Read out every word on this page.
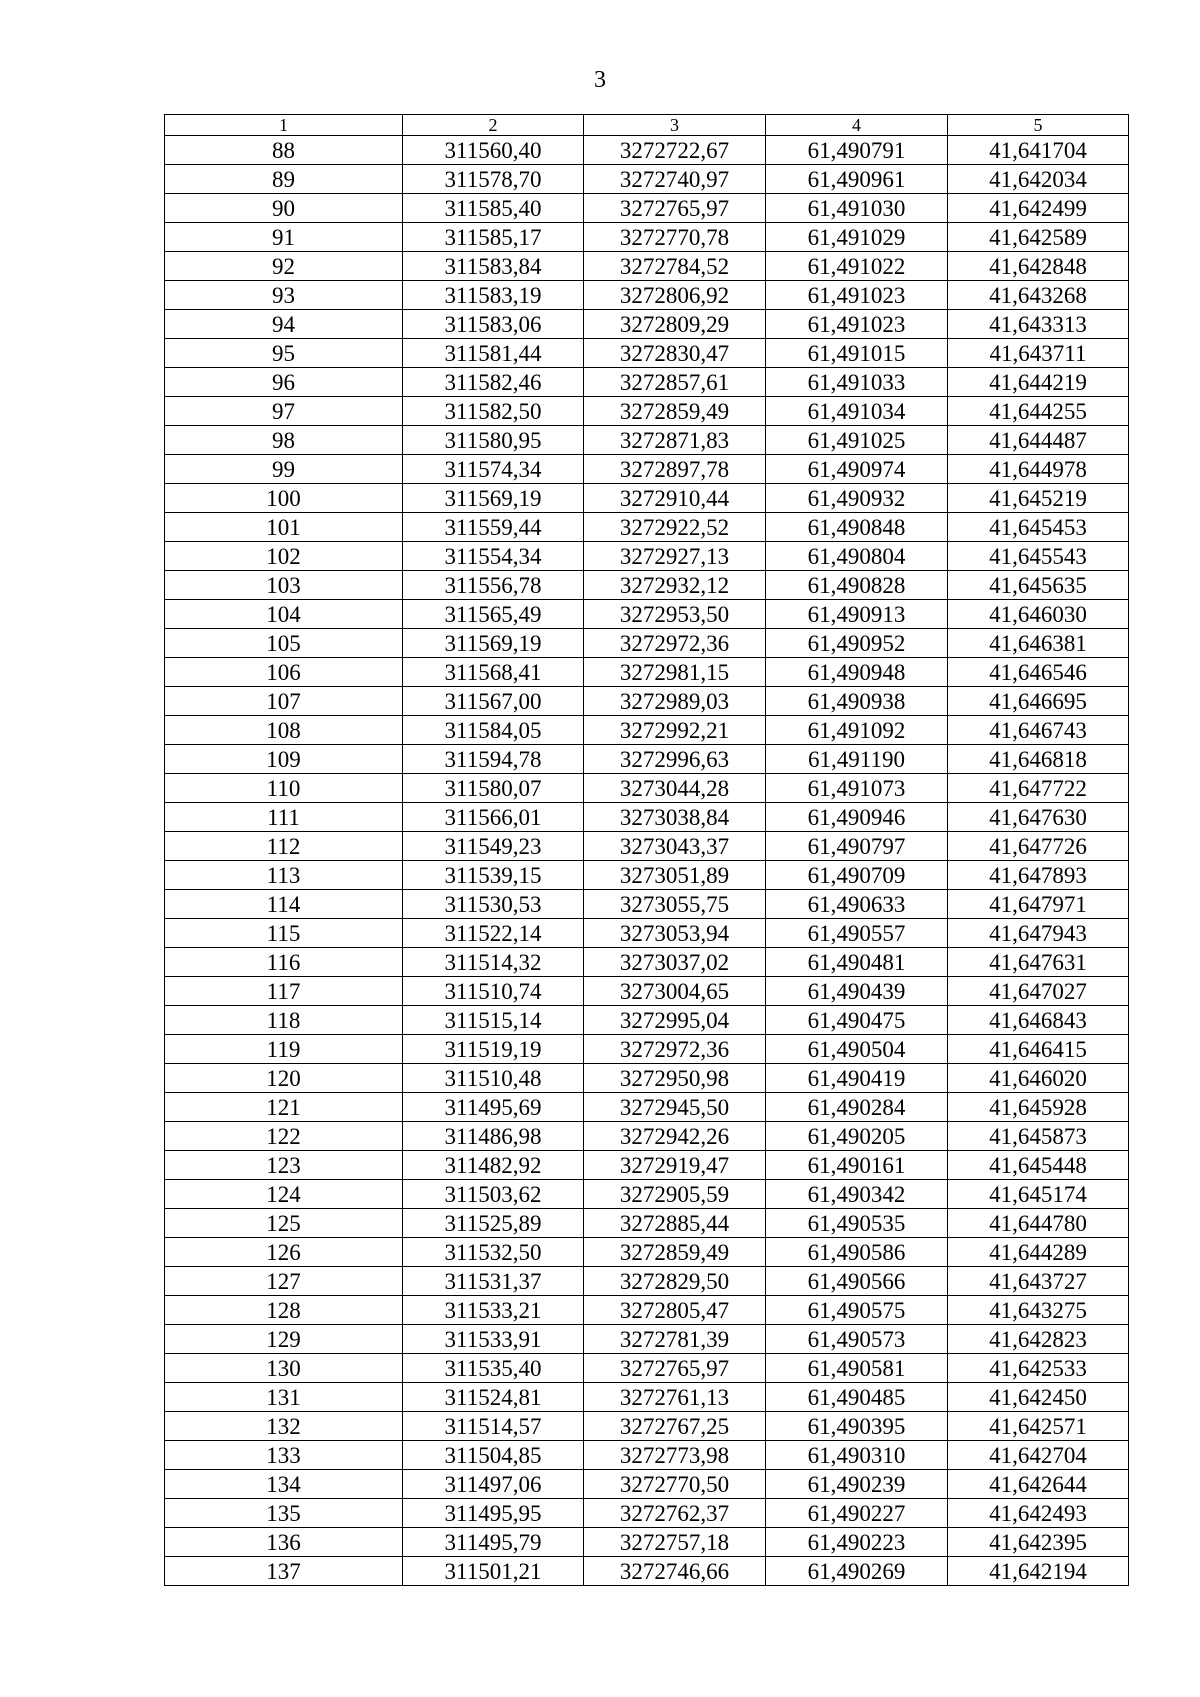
3
1	2	3	4	5
88	311560,40	3272722,67	61,490791	41,641704
89	311578,70	3272740,97	61,490961	41,642034
90	311585,40	3272765,97	61,491030	41,642499
91	311585,17	3272770,78	61,491029	41,642589
92	311583,84	3272784,52	61,491022	41,642848
93	311583,19	3272806,92	61,491023	41,643268
94	311583,06	3272809,29	61,491023	41,643313
95	311581,44	3272830,47	61,491015	41,643711
96	311582,46	3272857,61	61,491033	41,644219
97	311582,50	3272859,49	61,491034	41,644255
98	311580,95	3272871,83	61,491025	41,644487
99	311574,34	3272897,78	61,490974	41,644978
100	311569,19	3272910,44	61,490932	41,645219
101	311559,44	3272922,52	61,490848	41,645453
102	311554,34	3272927,13	61,490804	41,645543
103	311556,78	3272932,12	61,490828	41,645635
104	311565,49	3272953,50	61,490913	41,646030
105	311569,19	3272972,36	61,490952	41,646381
106	311568,41	3272981,15	61,490948	41,646546
107	311567,00	3272989,03	61,490938	41,646695
108	311584,05	3272992,21	61,491092	41,646743
109	311594,78	3272996,63	61,491190	41,646818
110	311580,07	3273044,28	61,491073	41,647722
111	311566,01	3273038,84	61,490946	41,647630
112	311549,23	3273043,37	61,490797	41,647726
113	311539,15	3273051,89	61,490709	41,647893
114	311530,53	3273055,75	61,490633	41,647971
115	311522,14	3273053,94	61,490557	41,647943
116	311514,32	3273037,02	61,490481	41,647631
117	311510,74	3273004,65	61,490439	41,647027
118	311515,14	3272995,04	61,490475	41,646843
119	311519,19	3272972,36	61,490504	41,646415
120	311510,48	3272950,98	61,490419	41,646020
121	311495,69	3272945,50	61,490284	41,645928
122	311486,98	3272942,26	61,490205	41,645873
123	311482,92	3272919,47	61,490161	41,645448
124	311503,62	3272905,59	61,490342	41,645174
125	311525,89	3272885,44	61,490535	41,644780
126	311532,50	3272859,49	61,490586	41,644289
127	311531,37	3272829,50	61,490566	41,643727
128	311533,21	3272805,47	61,490575	41,643275
129	311533,91	3272781,39	61,490573	41,642823
130	311535,40	3272765,97	61,490581	41,642533
131	311524,81	3272761,13	61,490485	41,642450
132	311514,57	3272767,25	61,490395	41,642571
133	311504,85	3272773,98	61,490310	41,642704
134	311497,06	3272770,50	61,490239	41,642644
135	311495,95	3272762,37	61,490227	41,642493
136	311495,79	3272757,18	61,490223	41,642395
137	311501,21	3272746,66	61,490269	41,642194
